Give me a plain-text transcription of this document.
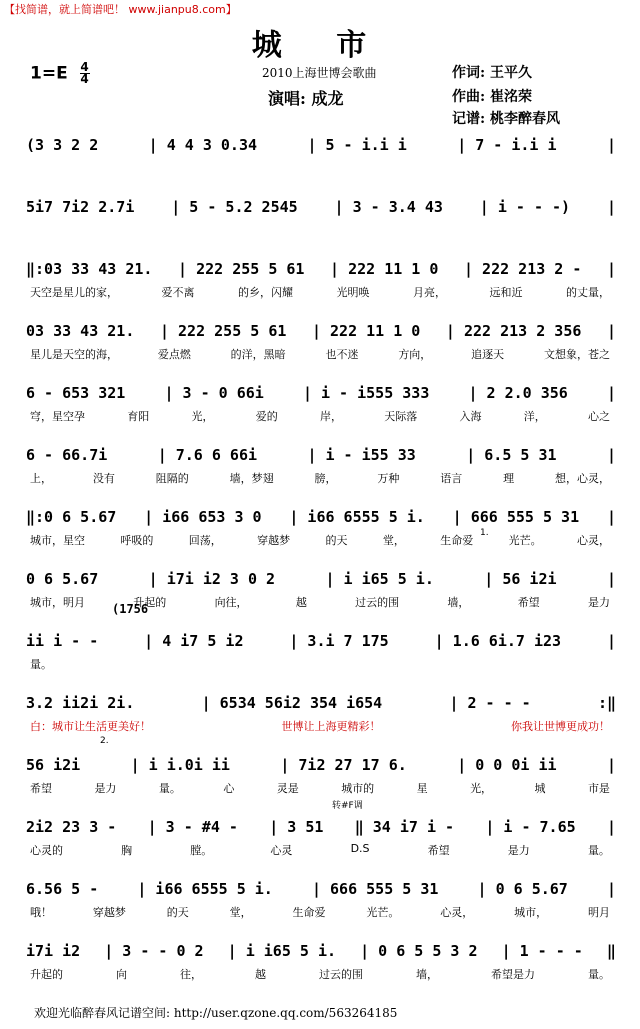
【找简谱，就上简谱吧！ www.jianpu8.com】
城 市
$1=E \frac{4}{4}$	2010上海世博会歌曲
演唱: 成龙
作词: 王平久
作曲: 崔洺荣
记谱: 桃李醉春风
(3 3 2 2	| 4 4 3 0.34	| 5 - i.i i	| 7 - i.i i	|
5i7 7i2 2.7i | 5 - 5.2 2545 | 3 - 3.4 43 | i - - -) |
‖:03 33 43 21. | 222 255 5 61 | 222 11 1 0 | 222 213 2 - |
天空是星儿的家，	爱不离	的乡，闪耀	光明唤	月亮，	远和近	的丈量，
03 33 43 21. | 222 255 5 61 | 222 11 1 0 | 222 213 2 356 |
星儿是天空的海，	爱点燃	的洋，黑暗	也不迷	方向，	追逐天	文想象，苍之
6 - 653 321	| 3 - 0 66i	| i - i555 333	| 2 2.0 356	|
穹，星空孕	育阳	光，	爱的	岸，	天际落	入海	洋，	心之
6 - 66.7i	| 7.6 6 66i	| i - i55 33	| 6.5 5 31	|
上，	没有	阻隔的	墙，梦翅	膀，	万种	语言	理	想，心灵，
‖:0 6 5.67 | i66 653 3 0 | i66 6555 5 i. | 666 555 5 31 |
城市，星空	呼吸的	回荡，	穿越梦	的天	堂，	生命爱	光芒。	心灵，
0 6 5.67	| i7i i2 3 0 2	| i i65 5 i.	| 56 i2i	|
城市，明月	升起的	向往，	越	过云的围	墙，	希望	是力
ii i - -	| 4 i7 5 i2	| 3.i 7 175	| 1.6 6i.7 i23	|
量。
3.2 ii2i 2i.	| 6534 56i2 354 i654	| 2 - - -	:‖
白：城市让生活更美好！	世博让上海更精彩！	你我让世博更成功！
56 i2i	| i i.0i ii	| 7i2 27 17 6.	| 0 0 0i ii	|
希望	是力	量。	心	灵是	城市的	星	光，	城	市是
2i2 23 3 - | 3 - #4 - | 3 51 ‖ 34 i7 i - | i - 7.65 |
心灵的	胸	膛。	心灵	D.S	希望	是力	量。
6.56 5 -	| i66 6555 5 i.	| 666 555 5 31	| 0 6 5.67	|
哦！	穿越梦	的天	堂，	生命爱	光芒。	心灵，	城市，	明月
i7i i2 | 3 - - 0 2 | i i65 5 i. | 0 6 5 5 3 2 | 1 - - - ‖
升起的	向	往，	越	过云的围	墙，	希望是力	量。
(1756
转#F调
1.
2.
欢迎光临醉春风记谱空间: http://user.qzone.qq.com/563264185
